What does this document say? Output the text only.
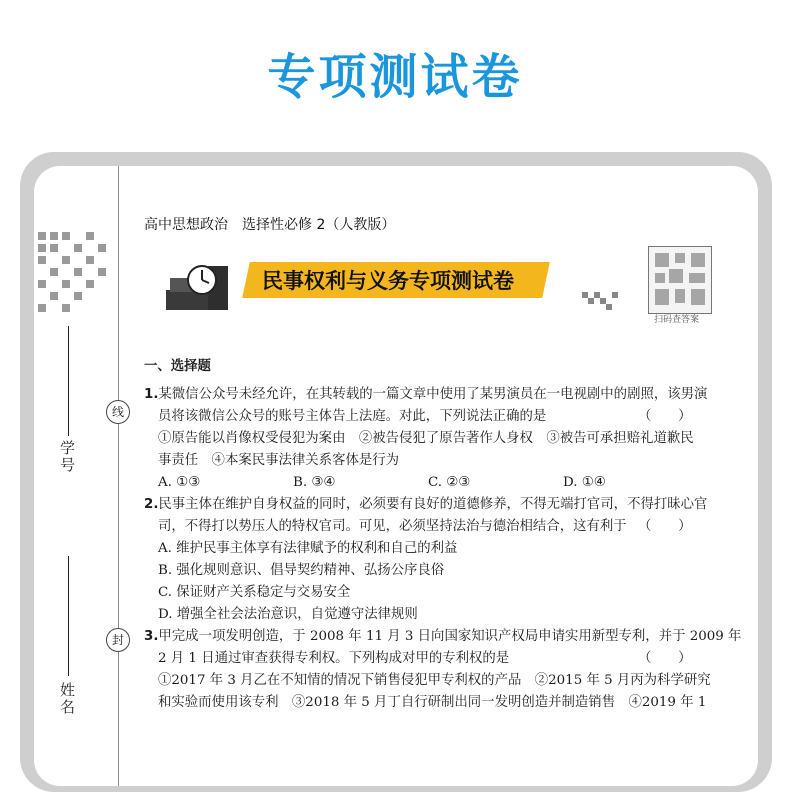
专项测试卷
学号
姓名
线
封
高中思想政治　选择性必修 2（人教版）
民事权利与义务专项测试卷
扫码查答案
一、选择题
1.某微信公众号未经允许，在其转载的一篇文章中使用了某男演员在一电视剧中的剧照，该男演
员将该微信公众号的账号主体告上法庭。对此，下列说法正确的是	（　　）
①原告能以肖像权受侵犯为案由　②被告侵犯了原告著作人身权　③被告可承担赔礼道歉民
事责任　④本案民事法律关系客体是行为
A. ①③	B. ③④	C. ②③	D. ①④
2.民事主体在维护自身权益的同时，必须要有良好的道德修养，不得无端打官司，不得打昧心官
司，不得打以势压人的特权官司。可见，必须坚持法治与德治相结合，这有利于 （　　）
A. 维护民事主体享有法律赋予的权利和自己的利益
B. 强化规则意识、倡导契约精神、弘扬公序良俗
C. 保证财产关系稳定与交易安全
D. 增强全社会法治意识，自觉遵守法律规则
3.甲完成一项发明创造，于 2008 年 11 月 3 日向国家知识产权局申请实用新型专利，并于 2009 年
2 月 1 日通过审查获得专利权。下列构成对甲的专利权的是	（　　）
①2017 年 3 月乙在不知情的情况下销售侵犯甲专利权的产品　②2015 年 5 月丙为科学研究
和实验而使用该专利　③2018 年 5 月丁自行研制出同一发明创造并制造销售　④2019 年 1
